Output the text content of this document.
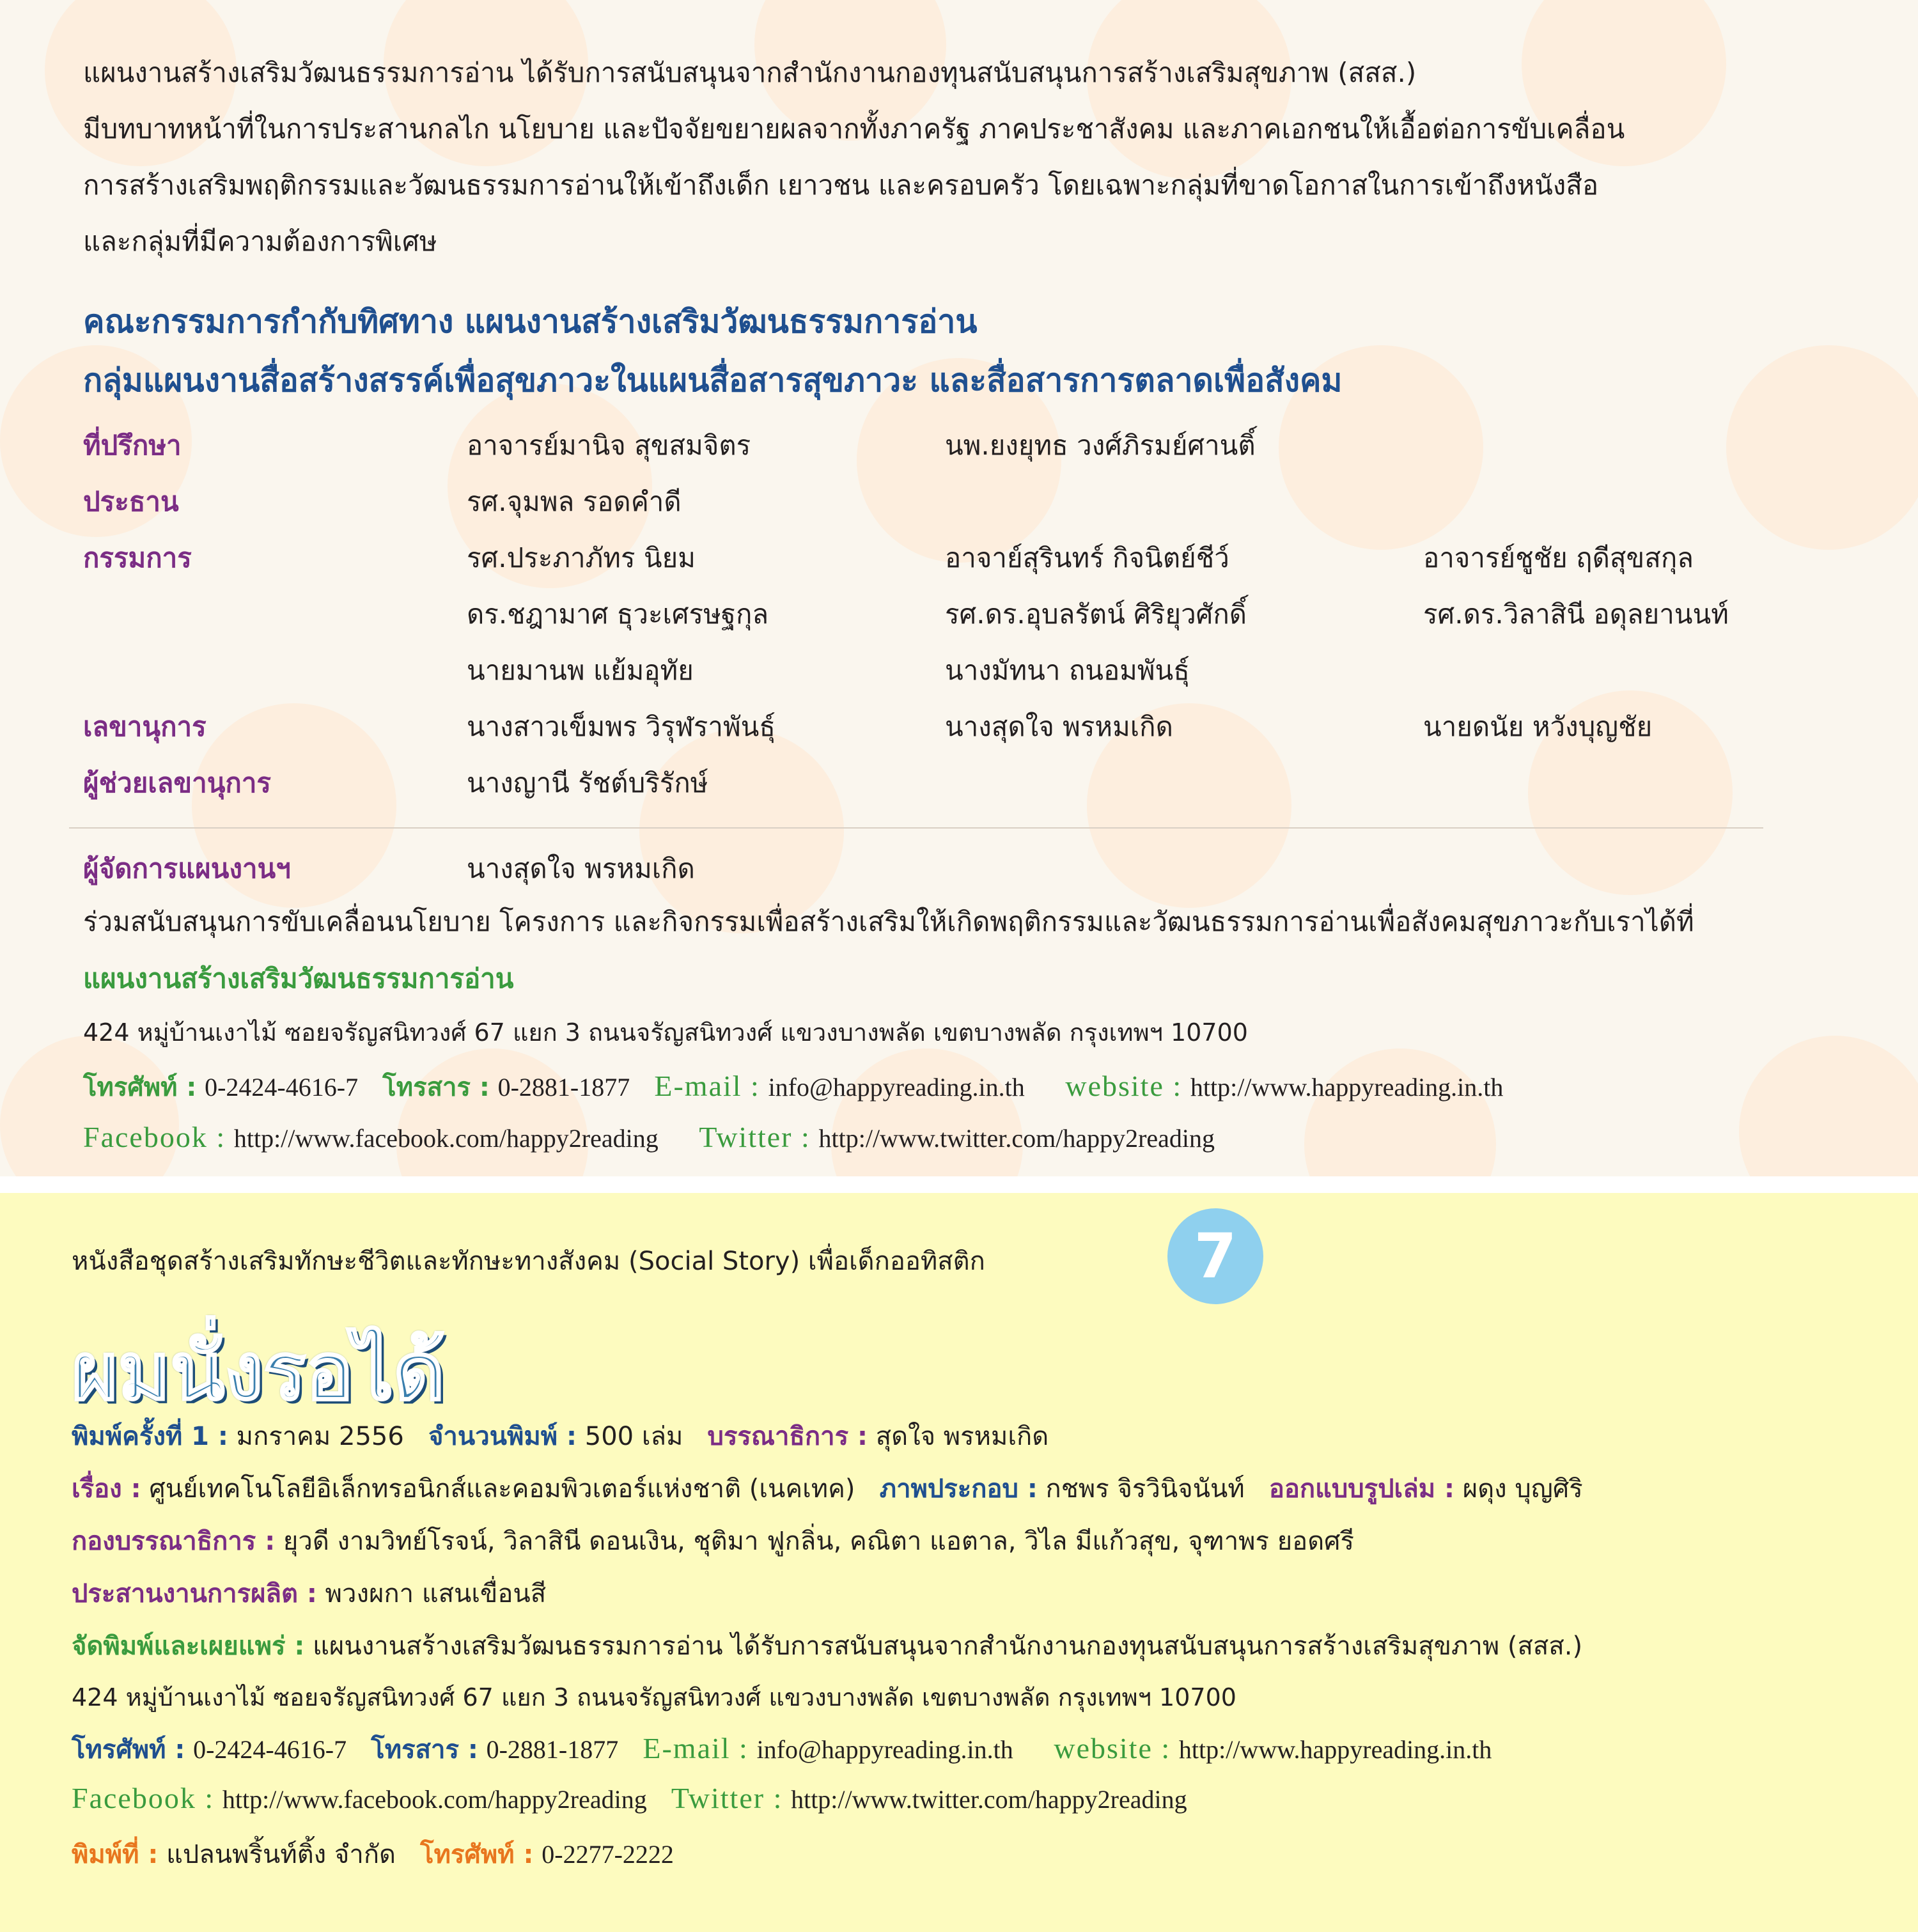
แผนงานสร้างเสริมวัฒนธรรมการอ่าน ได้รับการสนับสนุนจากสำนักงานกองทุนสนับสนุนการสร้างเสริมสุขภาพ (สสส.)
มีบทบาทหน้าที่ในการประสานกลไก นโยบาย และปัจจัยขยายผลจากทั้งภาครัฐ ภาคประชาสังคม และภาคเอกชนให้เอื้อต่อการขับเคลื่อน
การสร้างเสริมพฤติกรรมและวัฒนธรรมการอ่านให้เข้าถึงเด็ก เยาวชน และครอบครัว โดยเฉพาะกลุ่มที่ขาดโอกาสในการเข้าถึงหนังสือ
และกลุ่มที่มีความต้องการพิเศษ
คณะกรรมการกำกับทิศทาง แผนงานสร้างเสริมวัฒนธรรมการอ่าน
กลุ่มแผนงานสื่อสร้างสรรค์เพื่อสุขภาวะในแผนสื่อสารสุขภาวะ และสื่อสารการตลาดเพื่อสังคม
ที่ปรึกษา	อาจารย์มานิจ สุขสมจิตร	นพ.ยงยุทธ วงศ์ภิรมย์ศานติ์
ประธาน	รศ.จุมพล รอดคำดี
กรรมการ	รศ.ประภาภัทร นิยม	อาจาย์สุรินทร์ กิจนิตย์ชีว์	อาจารย์ชูชัย ฤดีสุขสกุล
ดร.ชฎามาศ ธุวะเศรษฐกุล	รศ.ดร.อุบลรัตน์ ศิริยุวศักดิ์	รศ.ดร.วิลาสินี อดุลยานนท์
นายมานพ แย้มอุทัย	นางมัทนา ถนอมพันธุ์
เลขานุการ	นางสาวเข็มพร วิรุฬราพันธุ์	นางสุดใจ พรหมเกิด	นายดนัย หวังบุญชัย
ผู้ช่วยเลขานุการ	นางญานี รัชต์บริรักษ์
ผู้จัดการแผนงานฯ	นางสุดใจ พรหมเกิด
ร่วมสนับสนุนการขับเคลื่อนนโยบาย โครงการ และกิจกรรมเพื่อสร้างเสริมให้เกิดพฤติกรรมและวัฒนธรรมการอ่านเพื่อสังคมสุขภาวะกับเราได้ที่
แผนงานสร้างเสริมวัฒนธรรมการอ่าน
424 หมู่บ้านเงาไม้ ซอยจรัญสนิทวงศ์ 67 แยก 3 ถนนจรัญสนิทวงศ์ แขวงบางพลัด เขตบางพลัด กรุงเทพฯ 10700
โทรศัพท์ : 0-2424-4616-7 โทรสาร : 0-2881-1877 E-mail : info@happyreading.in.th website : http://www.happyreading.in.th
Facebook : http://www.facebook.com/happy2reading Twitter : http://www.twitter.com/happy2reading
หนังสือชุดสร้างเสริมทักษะชีวิตและทักษะทางสังคม (Social Story) เพื่อเด็กออทิสติก	7
ผมนั่งรอได้
พิมพ์ครั้งที่ 1 : มกราคม 2556 จำนวนพิมพ์ : 500 เล่ม บรรณาธิการ : สุดใจ พรหมเกิด
เรื่อง : ศูนย์เทคโนโลยีอิเล็กทรอนิกส์และคอมพิวเตอร์แห่งชาติ (เนคเทค) ภาพประกอบ : กชพร จิรวินิจนันท์ ออกแบบรูปเล่ม : ผดุง บุญศิริ
กองบรรณาธิการ : ยุวดี งามวิทย์โรจน์, วิลาสินี ดอนเงิน, ชุติมา ฟูกลิ่น, คณิตา แอตาล, วิไล มีแก้วสุข, จุฑาพร ยอดศรี
ประสานงานการผลิต : พวงผกา แสนเขื่อนสี
จัดพิมพ์และเผยแพร่ : แผนงานสร้างเสริมวัฒนธรรมการอ่าน ได้รับการสนับสนุนจากสำนักงานกองทุนสนับสนุนการสร้างเสริมสุขภาพ (สสส.)
424 หมู่บ้านเงาไม้ ซอยจรัญสนิทวงศ์ 67 แยก 3 ถนนจรัญสนิทวงศ์ แขวงบางพลัด เขตบางพลัด กรุงเทพฯ 10700
โทรศัพท์ : 0-2424-4616-7 โทรสาร : 0-2881-1877 E-mail : info@happyreading.in.th website : http://www.happyreading.in.th
Facebook : http://www.facebook.com/happy2reading Twitter : http://www.twitter.com/happy2reading
พิมพ์ที่ : แปลนพริ้นท์ติ้ง จำกัด โทรศัพท์ : 0-2277-2222
